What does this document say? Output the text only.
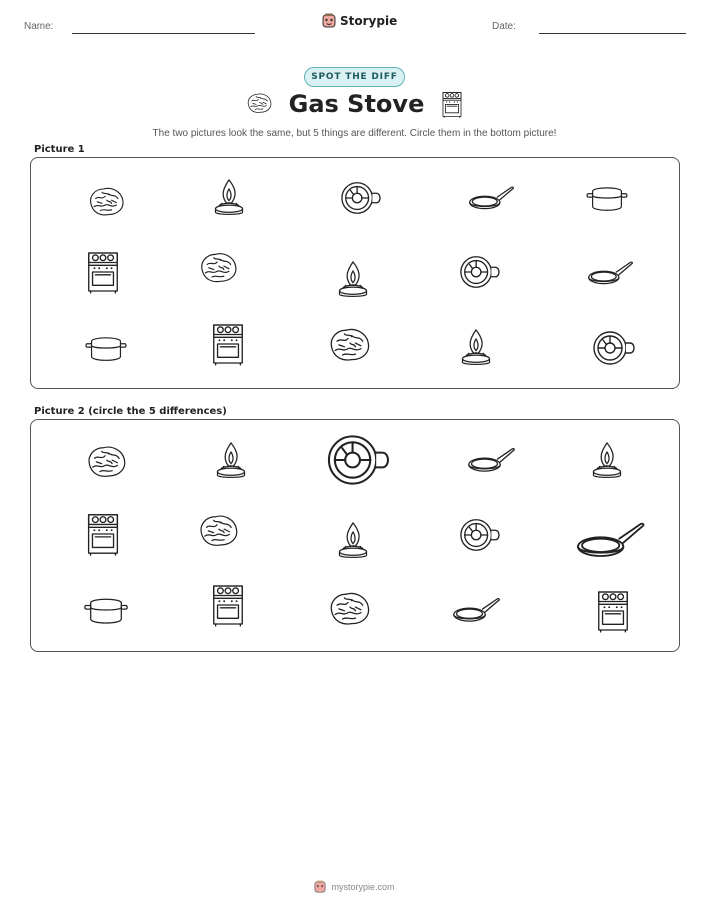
Name:	Storypie	Date:
SPOT THE DIFF
Gas Stove
The two pictures look the same, but 5 things are different. Circle them in the bottom picture!
Picture 1
Picture 2 (circle the 5 differences)
mystorypie.com
